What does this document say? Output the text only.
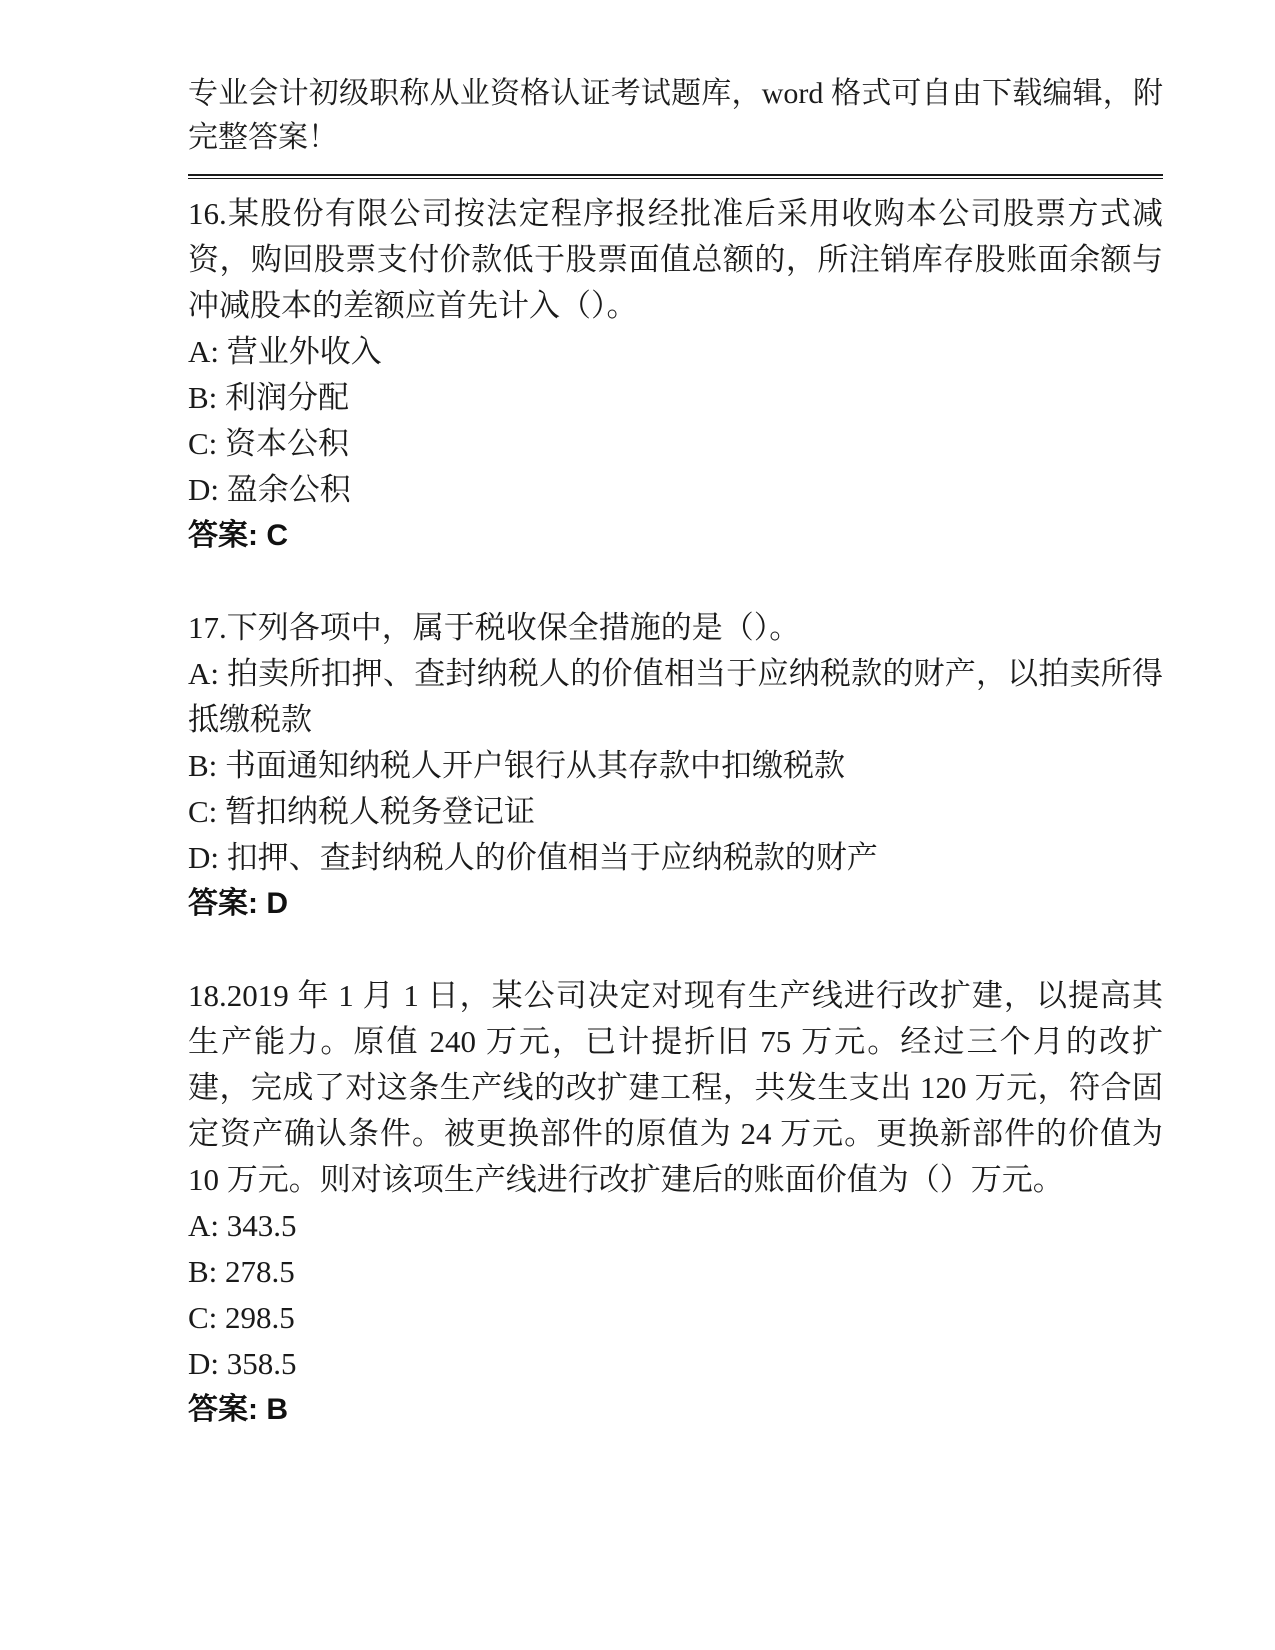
专业会计初级职称从业资格认证考试题库，word 格式可自由下载编辑，附完整答案！

16.某股份有限公司按法定程序报经批准后采用收购本公司股票方式减资，购回股票支付价款低于股票面值总额的，所注销库存股账面余额与冲减股本的差额应首先计入（）。

A: 营业外收入

B: 利润分配

C: 资本公积

D: 盈余公积

答案: C

17.下列各项中，属于税收保全措施的是（）。

A: 拍卖所扣押、查封纳税人的价值相当于应纳税款的财产，以拍卖所得抵缴税款

B: 书面通知纳税人开户银行从其存款中扣缴税款

C: 暂扣纳税人税务登记证

D: 扣押、查封纳税人的价值相当于应纳税款的财产

答案: D

18.2019 年 1 月 1 日，某公司决定对现有生产线进行改扩建，以提高其生产能力。原值 240 万元，已计提折旧 75 万元。经过三个月的改扩建，完成了对这条生产线的改扩建工程，共发生支出 120 万元，符合固定资产确认条件。被更换部件的原值为 24 万元。更换新部件的价值为 10 万元。则对该项生产线进行改扩建后的账面价值为（）万元。

A: 343.5

B: 278.5

C: 298.5

D: 358.5

答案: B
